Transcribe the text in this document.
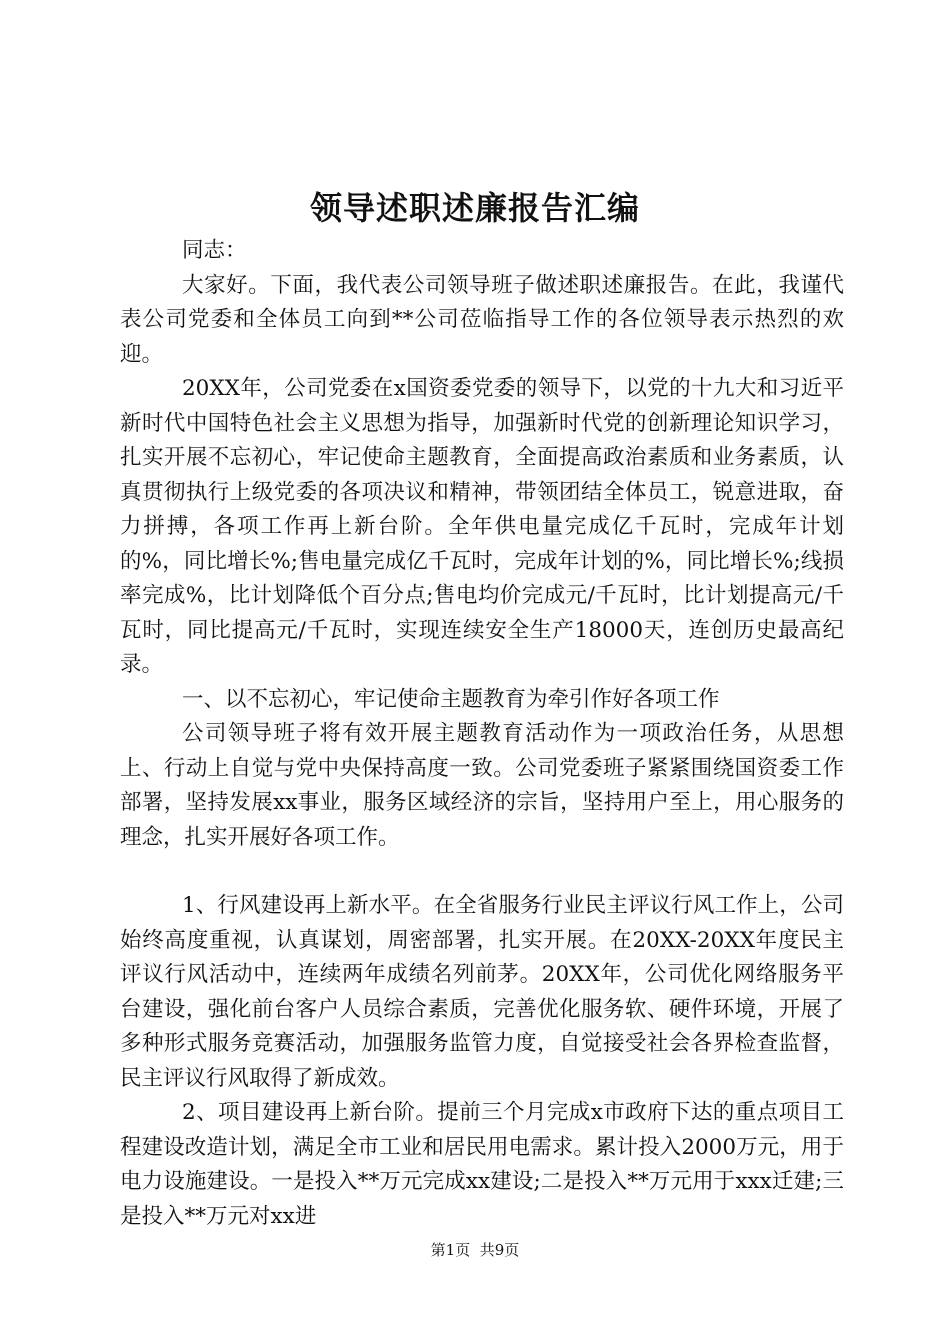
领导述职述廉报告汇编

同志：

大家好。下面，我代表公司领导班子做述职述廉报告。在此，我谨代表公司党委和全体员工向到**公司莅临指导工作的各位领导表示热烈的欢迎。

20XX年，公司党委在x国资委党委的领导下，以党的十九大和习近平新时代中国特色社会主义思想为指导，加强新时代党的创新理论知识学习，扎实开展不忘初心，牢记使命主题教育，全面提高政治素质和业务素质，认真贯彻执行上级党委的各项决议和精神，带领团结全体员工，锐意进取，奋力拼搏，各项工作再上新台阶。全年供电量完成亿千瓦时，完成年计划的%，同比增长%;售电量完成亿千瓦时，完成年计划的%，同比增长%;线损率完成%，比计划降低个百分点;售电均价完成元/千瓦时，比计划提高元/千瓦时，同比提高元/千瓦时，实现连续安全生产18000天，连创历史最高纪录。

一、以不忘初心，牢记使命主题教育为牵引作好各项工作

公司领导班子将有效开展主题教育活动作为一项政治任务，从思想上、行动上自觉与党中央保持高度一致。公司党委班子紧紧围绕国资委工作部署，坚持发展xx事业，服务区域经济的宗旨，坚持用户至上，用心服务的理念，扎实开展好各项工作。

1、行风建设再上新水平。在全省服务行业民主评议行风工作上，公司始终高度重视，认真谋划，周密部署，扎实开展。在20XX-20XX年度民主评议行风活动中，连续两年成绩名列前茅。20XX年，公司优化网络服务平台建设，强化前台客户人员综合素质，完善优化服务软、硬件环境，开展了多种形式服务竞赛活动，加强服务监管力度，自觉接受社会各界检查监督，民主评议行风取得了新成效。

2、项目建设再上新台阶。提前三个月完成x市政府下达的重点项目工程建设改造计划，满足全市工业和居民用电需求。累计投入2000万元，用于电力设施建设。一是投入**万元完成xx建设;二是投入**万元用于xxx迁建;三是投入**万元对xx进

第1页 共9页
